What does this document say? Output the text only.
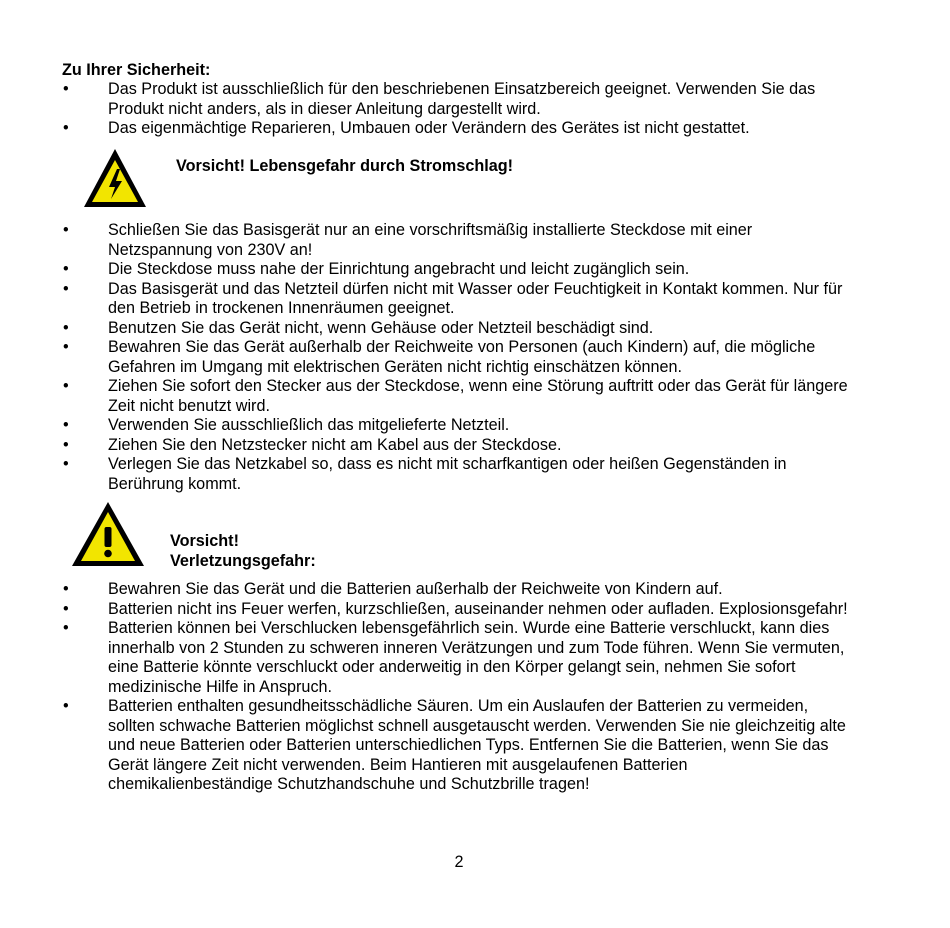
Zu Ihrer Sicherheit:
• Das Produkt ist ausschließlich für den beschriebenen Einsatzbereich geeignet. Verwenden Sie das Produkt nicht anders, als in dieser Anleitung dargestellt wird.
• Das eigenmächtige Reparieren, Umbauen oder Verändern des Gerätes ist nicht gestattet.
Vorsicht! Lebensgefahr durch Stromschlag!
• Schließen Sie das Basisgerät nur an eine vorschriftsmäßig installierte Steckdose mit einer Netzspannung von 230V an!
• Die Steckdose muss nahe der Einrichtung angebracht und leicht zugänglich sein.
• Das Basisgerät und das Netzteil dürfen nicht mit Wasser oder Feuchtigkeit in Kontakt kommen. Nur für den Betrieb in trockenen Innenräumen geeignet.
• Benutzen Sie das Gerät nicht, wenn Gehäuse oder Netzteil beschädigt sind.
• Bewahren Sie das Gerät außerhalb der Reichweite von Personen (auch Kindern) auf, die mögliche Gefahren im Umgang mit elektrischen Geräten nicht richtig einschätzen können.
• Ziehen Sie sofort den Stecker aus der Steckdose, wenn eine Störung auftritt oder das Gerät für längere Zeit nicht benutzt wird.
• Verwenden Sie ausschließlich das mitgelieferte Netzteil.
• Ziehen Sie den Netzstecker nicht am Kabel aus der Steckdose.
• Verlegen Sie das Netzkabel so, dass es nicht mit scharfkantigen oder heißen Gegenständen in Berührung kommt.
Vorsicht!
Verletzungsgefahr:
• Bewahren Sie das Gerät und die Batterien außerhalb der Reichweite von Kindern auf.
• Batterien nicht ins Feuer werfen, kurzschließen, auseinander nehmen oder aufladen. Explosionsgefahr!
• Batterien können bei Verschlucken lebensgefährlich sein. Wurde eine Batterie verschluckt, kann dies innerhalb von 2 Stunden zu schweren inneren Verätzungen und zum Tode führen. Wenn Sie vermuten, eine Batterie könnte verschluckt oder anderweitig in den Körper gelangt sein, nehmen Sie sofort medizinische Hilfe in Anspruch.
• Batterien enthalten gesundheitsschädliche Säuren. Um ein Auslaufen der Batterien zu vermeiden, sollten schwache Batterien möglichst schnell ausgetauscht werden. Verwenden Sie nie gleichzeitig alte und neue Batterien oder Batterien unterschiedlichen Typs. Entfernen Sie die Batterien, wenn Sie das Gerät längere Zeit nicht verwenden. Beim Hantieren mit ausgelaufenen Batterien chemikalienbeständige Schutzhandschuhe und Schutzbrille tragen!
2
